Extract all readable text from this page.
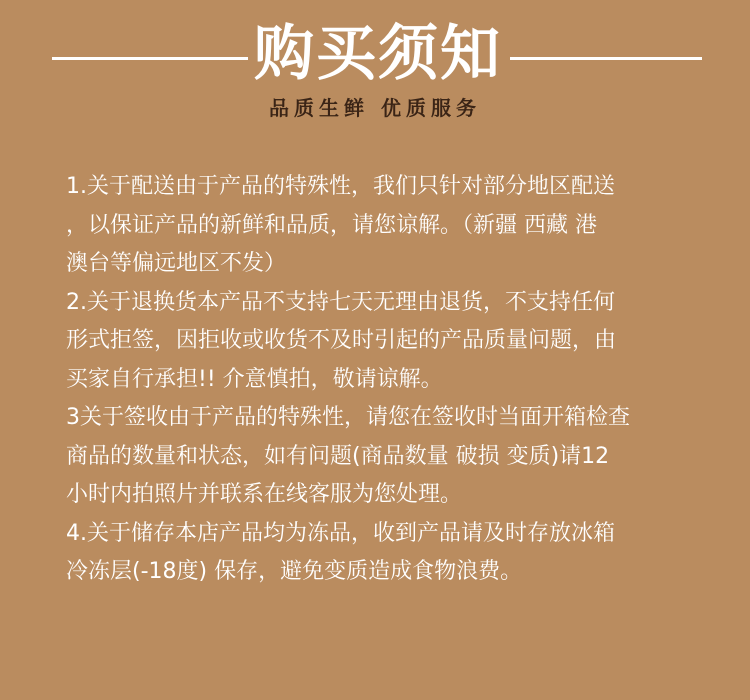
购买须知
品质生鲜 优质服务
1.关于配送由于产品的特殊性，我们只针对部分地区配送
，以保证产品的新鲜和品质，请您谅解。（新疆 西藏 港
澳台等偏远地区不发）
2.关于退换货本产品不支持七天无理由退货，不支持任何
形式拒签，因拒收或收货不及时引起的产品质量问题，由
买家自行承担!! 介意慎拍，敬请谅解。
3关于签收由于产品的特殊性，请您在签收时当面开箱检查
商品的数量和状态，如有问题(商品数量 破损 变质)请12
小时内拍照片并联系在线客服为您处理。
4.关于储存本店产品均为冻品，收到产品请及时存放冰箱
冷冻层(-18度) 保存，避免变质造成食物浪费。
